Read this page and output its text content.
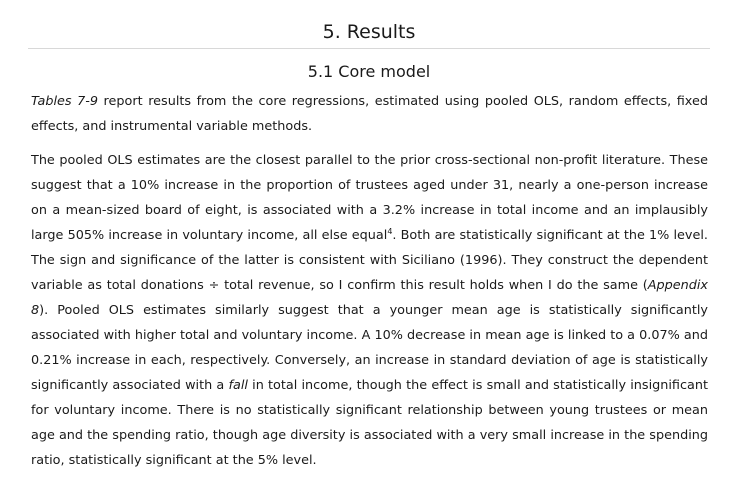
5. Results
5.1 Core model

Tables 7-9 report results from the core regressions, estimated using pooled OLS, random effects, fixed effects, and instrumental variable methods.

The pooled OLS estimates are the closest parallel to the prior cross-sectional non-profit literature. These suggest that a 10% increase in the proportion of trustees aged under 31, nearly a one-person increase on a mean-sized board of eight, is associated with a 3.2% increase in total income and an implausibly large 505% increase in voluntary income, all else equal$^4$. Both are statistically significant at the 1% level. The sign and significance of the latter is consistent with Siciliano (1996). They construct the dependent variable as total donations ÷ total revenue, so I confirm this result holds when I do the same (Appendix 8). Pooled OLS estimates similarly suggest that a younger mean age is statistically significantly associated with higher total and voluntary income. A 10% decrease in mean age is linked to a 0.07% and 0.21% increase in each, respectively. Conversely, an increase in standard deviation of age is statistically significantly associated with a fall in total income, though the effect is small and statistically insignificant for voluntary income. There is no statistically significant relationship between young trustees or mean age and the spending ratio, though age diversity is associated with a very small increase in the spending ratio, statistically significant at the 5% level.
